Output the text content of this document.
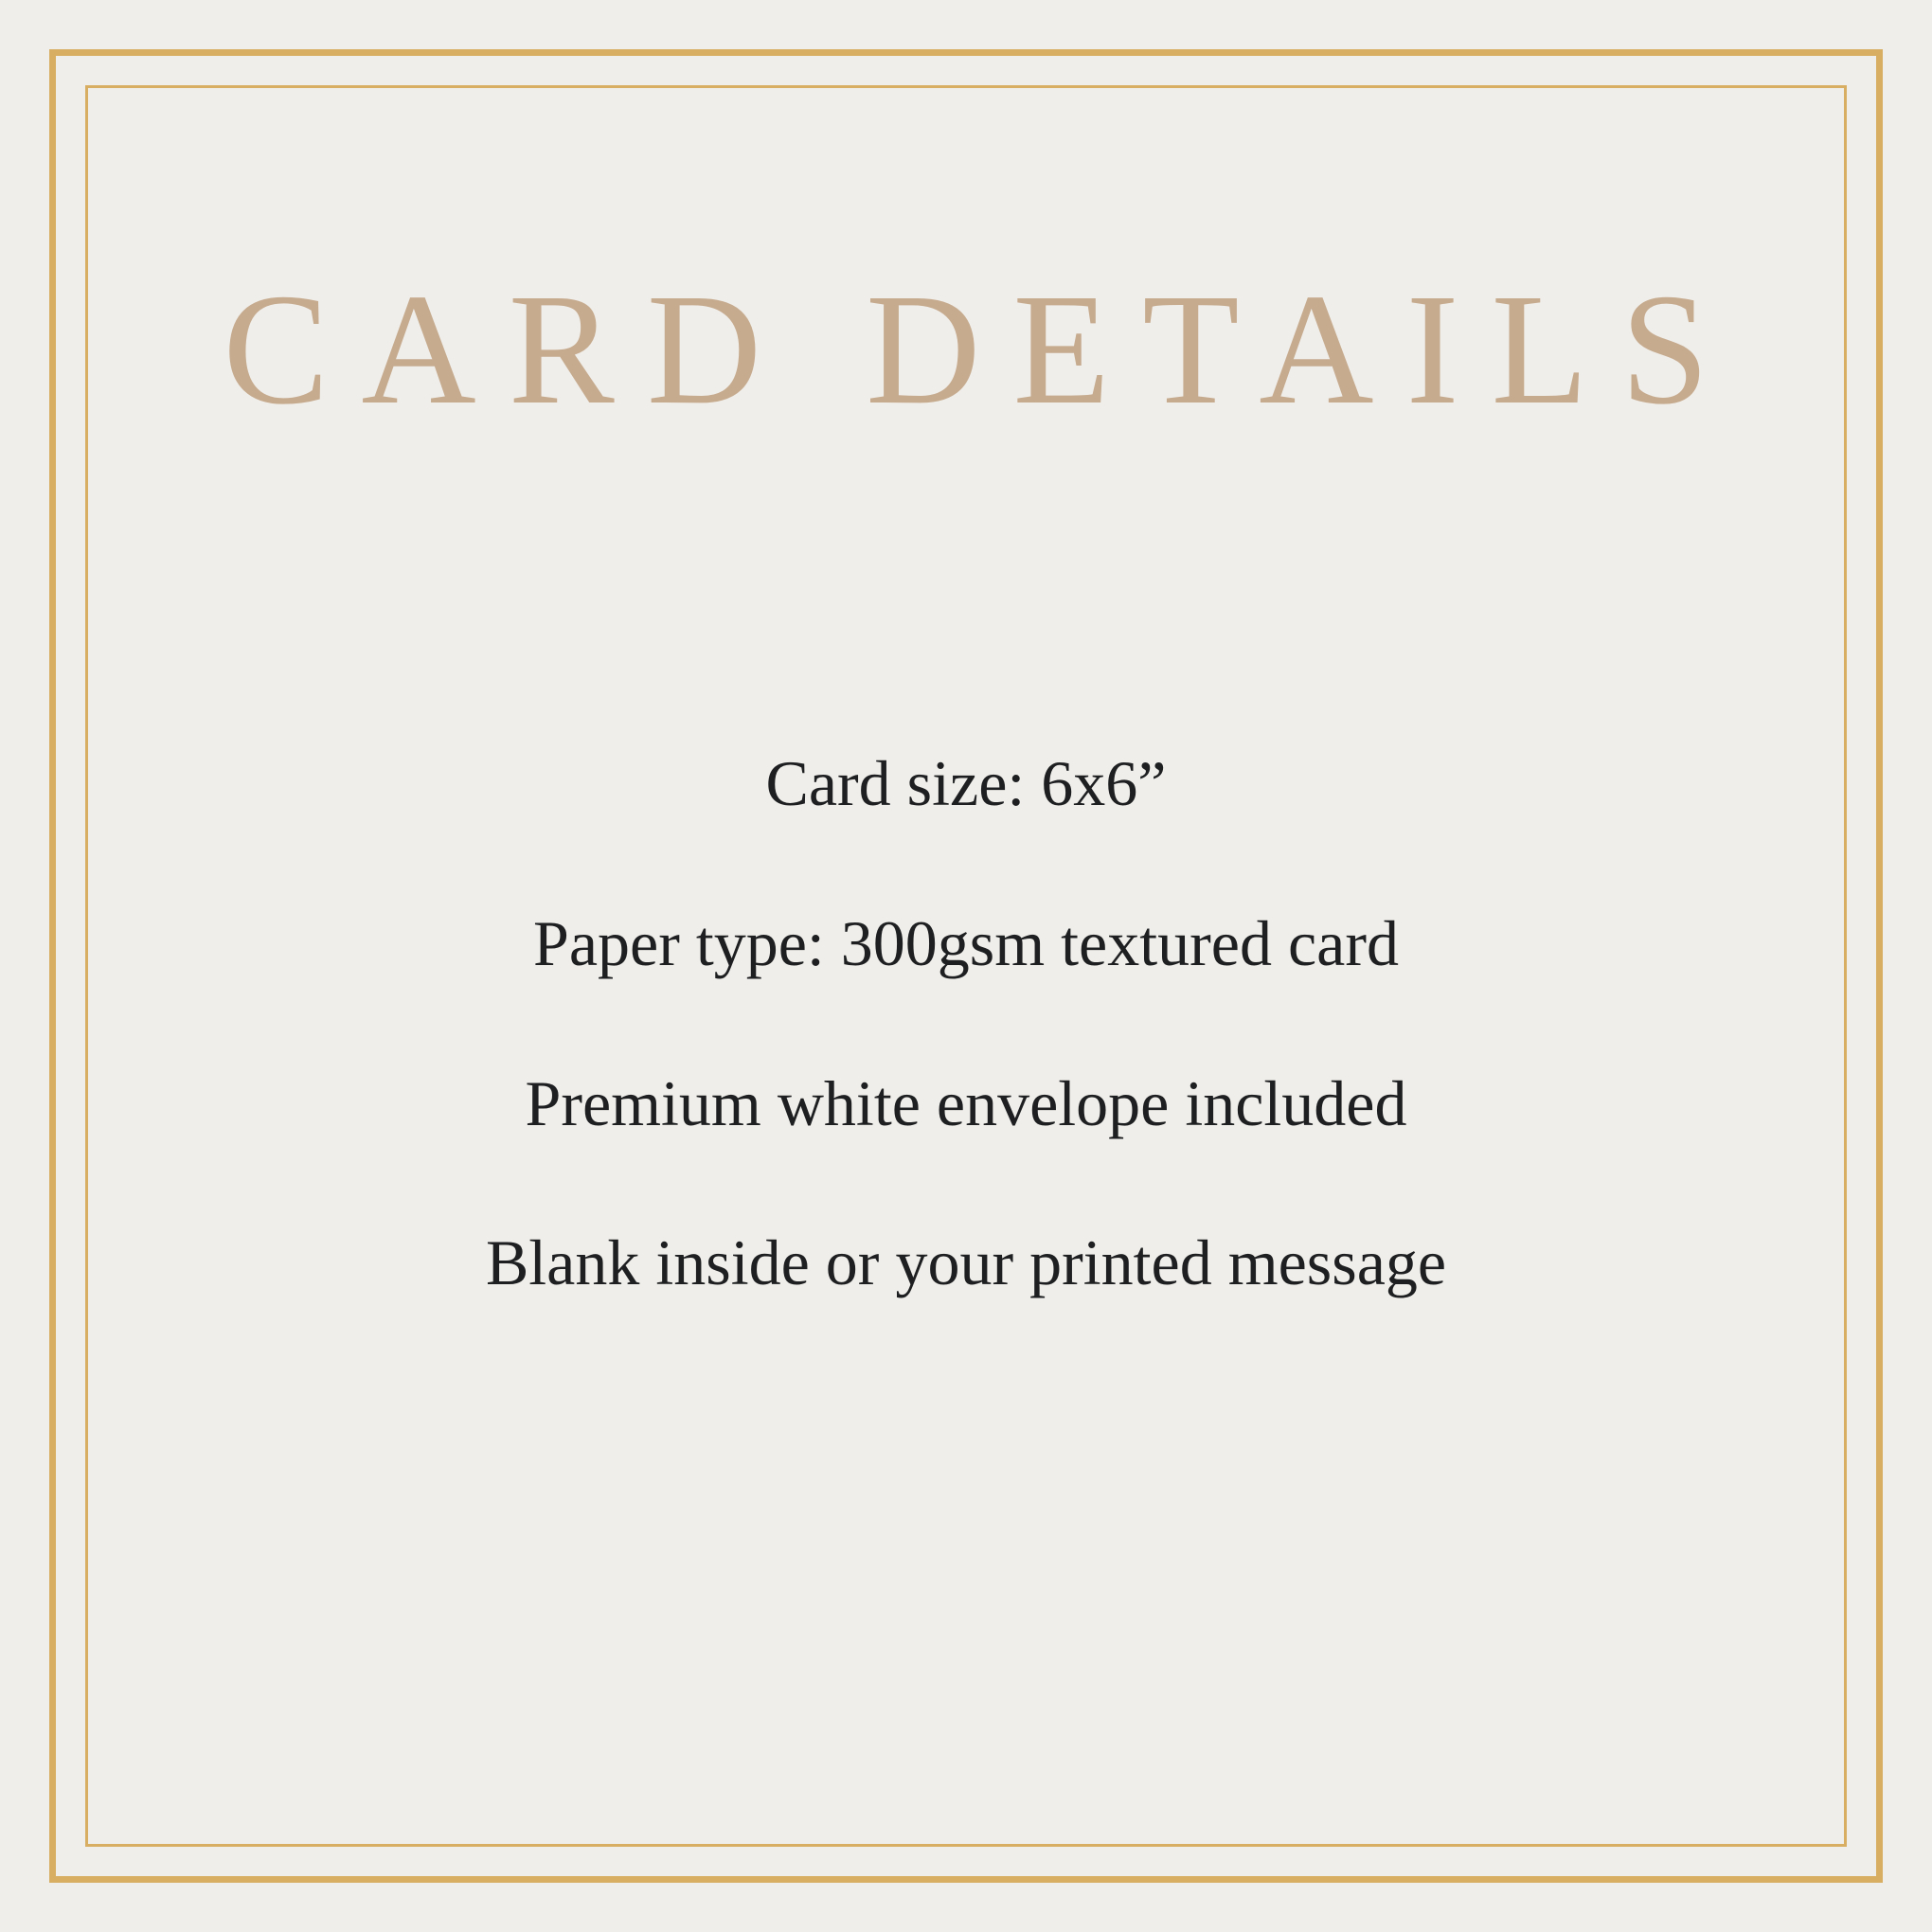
CARD DETAILS

Card size: 6x6”

Paper type: 300gsm textured card

Premium white envelope included

Blank inside or your printed message
